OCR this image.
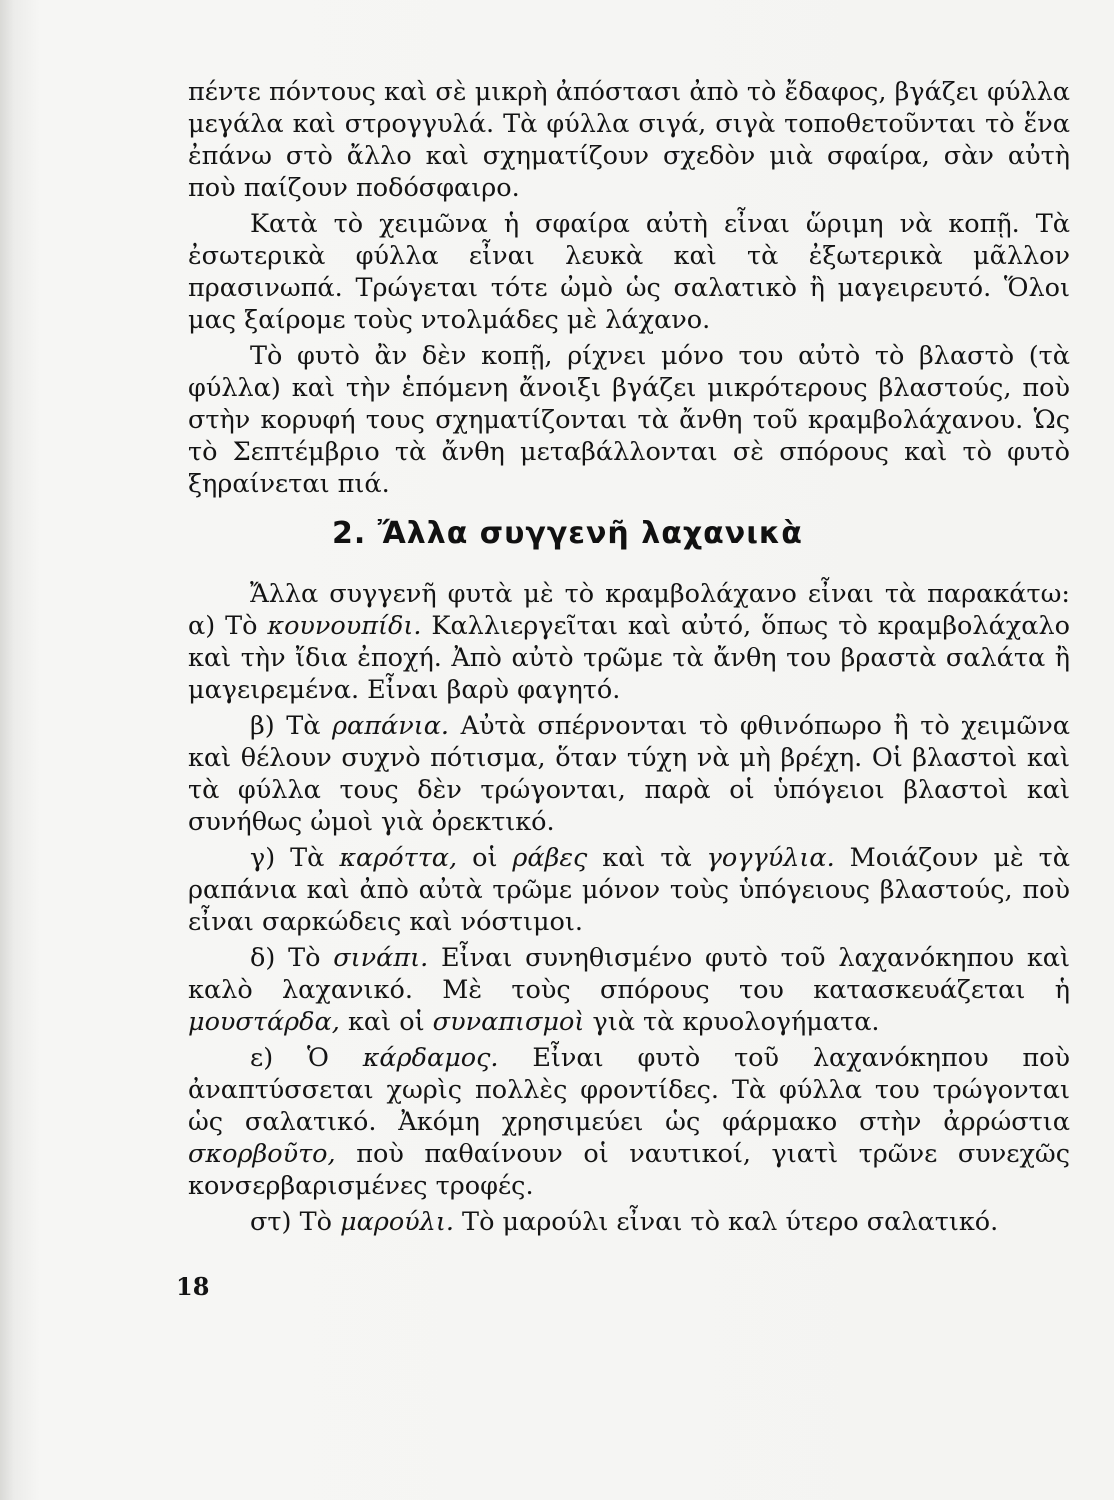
πέντε πόντους καὶ σὲ μικρὴ ἀπόστασι ἀπὸ τὸ ἔδαφος, βγάζει φύλλα μεγάλα καὶ στρογγυλά. Τὰ φύλλα σιγά, σιγὰ τοποθετοῦνται τὸ ἕνα ἐπάνω στὸ ἄλλο καὶ σχηματίζουν σχεδὸν μιὰ σφαίρα, σὰν αὐτὴ ποὺ παίζουν ποδόσφαιρο.

Κατὰ τὸ χειμῶνα ἡ σφαίρα αὐτὴ εἶναι ὥριμη νὰ κοπῇ. Τὰ ἐσωτερικὰ φύλλα εἶναι λευκὰ καὶ τὰ ἐξωτερικὰ μᾶλλον πρασινωπά. Τρώγεται τότε ὠμὸ ὡς σαλατικὸ ἢ μαγειρευτό. Ὅλοι μας ξαίρομε τοὺς ντολμάδες μὲ λάχανο.

Τὸ φυτὸ ἂν δὲν κοπῇ, ρίχνει μόνο του αὐτὸ τὸ βλαστὸ (τὰ φύλλα) καὶ τὴν ἑπόμενη ἄνοιξι βγάζει μικρότερους βλαστούς, ποὺ στὴν κορυφή τους σχηματίζονται τὰ ἄνθη τοῦ κραμβολάχανου. Ὡς τὸ Σεπτέμβριο τὰ ἄνθη μεταβάλλονται σὲ σπόρους καὶ τὸ φυτὸ ξηραίνεται πιά.

2. Ἄλλα συγγενῆ λαχανικὰ

Ἄλλα συγγενῆ φυτὰ μὲ τὸ κραμβολάχανο εἶναι τὰ παρακάτω: α) Τὸ κουνουπίδι. Καλλιεργεῖται καὶ αὐτό, ὅπως τὸ κραμβολάχαλο καὶ τὴν ἴδια ἐποχή. Ἀπὸ αὐτὸ τρῶμε τὰ ἄνθη του βραστὰ σαλάτα ἢ μαγειρεμένα. Εἶναι βαρὺ φαγητό.

β) Τὰ ραπάνια. Αὐτὰ σπέρνονται τὸ φθινόπωρο ἢ τὸ χειμῶνα καὶ θέλουν συχνὸ πότισμα, ὅταν τύχη νὰ μὴ βρέχη. Οἱ βλαστοὶ καὶ τὰ φύλλα τους δὲν τρώγονται, παρὰ οἱ ὑπόγειοι βλαστοὶ καὶ συνήθως ὠμοὶ γιὰ ὀρεκτικό.

γ) Τὰ καρόττα, οἱ ράβες καὶ τὰ γογγύλια. Μοιάζουν μὲ τὰ ραπάνια καὶ ἀπὸ αὐτὰ τρῶμε μόνον τοὺς ὑπόγειους βλαστούς, ποὺ εἶναι σαρκώδεις καὶ νόστιμοι.

δ) Τὸ σινάπι. Εἶναι συνηθισμένο φυτὸ τοῦ λαχανόκηπου καὶ καλὸ λαχανικό. Μὲ τοὺς σπόρους του κατασκευάζεται ἡ μουστάρδα, καὶ οἱ συναπισμοὶ γιὰ τὰ κρυολογήματα.

ε) Ὁ κάρδαμος. Εἶναι φυτὸ τοῦ λαχανόκηπου ποὺ ἀναπτύσσεται χωρὶς πολλὲς φροντίδες. Τὰ φύλλα του τρώγονται ὡς σαλατικό. Ἀκόμη χρησιμεύει ὡς φάρμακο στὴν ἀρρώστια σκορβοῦτο, ποὺ παθαίνουν οἱ ναυτικοί, γιατὶ τρῶνε συνεχῶς κονσερβαρισμένες τροφές.

στ) Τὸ μαρούλι. Τὸ μαρούλι εἶναι τὸ καλ ύτερο σαλατικό.

18
